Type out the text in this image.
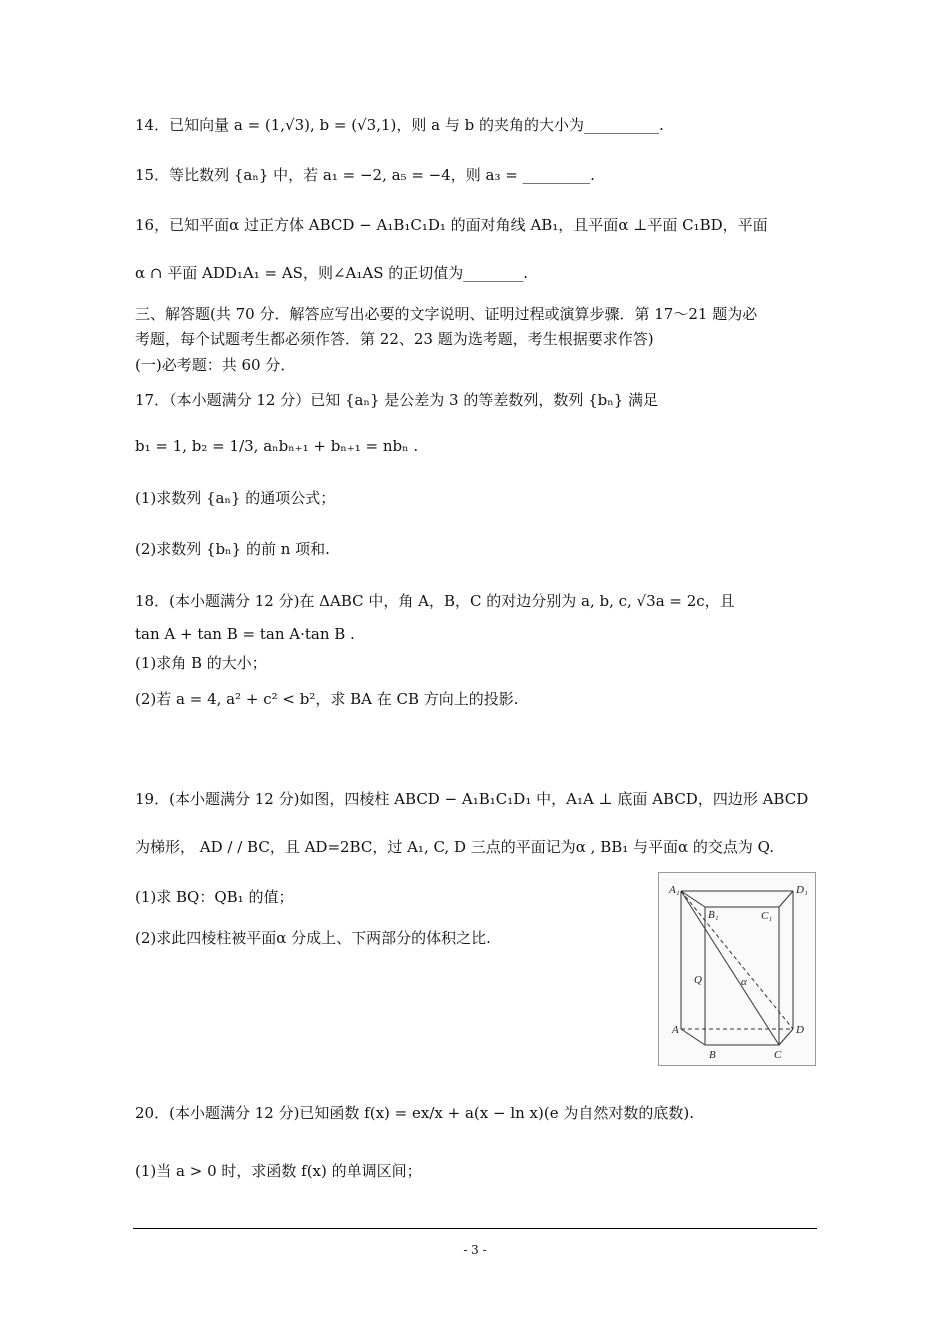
14．已知向量 a = (1,√3), b = (√3,1)，则 a 与 b 的夹角的大小为__________.
15．等比数列 {aₙ} 中，若 a₁ = −2, a₅ = −4，则 a₃ = _________.
16，已知平面α 过正方体 ABCD − A₁B₁C₁D₁ 的面对角线 AB₁，且平面α ⊥平面 C₁BD，平面
α ∩ 平面 ADD₁A₁ = AS，则∠A₁AS 的正切值为________.
三、解答题(共 70 分．解答应写出必要的文字说明、证明过程或演算步骤．第 17～21 题为必
考题，每个试题考生都必须作答．第 22、23 题为选考题，考生根据要求作答)
(一)必考题：共 60 分．
17．（本小题满分 12 分）已知 {aₙ} 是公差为 3 的等差数列，数列 {bₙ} 满足
b₁ = 1, b₂ = 1/3, aₙbₙ₊₁ + bₙ₊₁ = nbₙ .
(1)求数列 {aₙ} 的通项公式；
(2)求数列 {bₙ} 的前 n 项和.
18．(本小题满分 12 分)在 ΔABC 中，角 A，B，C 的对边分别为 a, b, c, √3a = 2c，且
tan A + tan B = tan A·tan B .
(1)求角 B 的大小；
(2)若 a = 4, a² + c² < b²，求 BA 在 CB 方向上的投影.
19．(本小题满分 12 分)如图，四棱柱 ABCD − A₁B₁C₁D₁ 中，A₁A ⊥ 底面 ABCD，四边形 ABCD
为梯形， AD / / BC，且 AD=2BC，过 A₁, C, D 三点的平面记为α , BB₁ 与平面α 的交点为 Q.
(1)求 BQ：QB₁ 的值；
(2)求此四棱柱被平面α 分成上、下两部分的体积之比.
A₁	D₁
B₁	C₁
Q	α
A	D
B	C
20．(本小题满分 12 分)已知函数 f(x) = ex/x + a(x − ln x)(e 为自然对数的底数).
(1)当 a > 0 时，求函数 f(x) 的单调区间；
- 3 -
